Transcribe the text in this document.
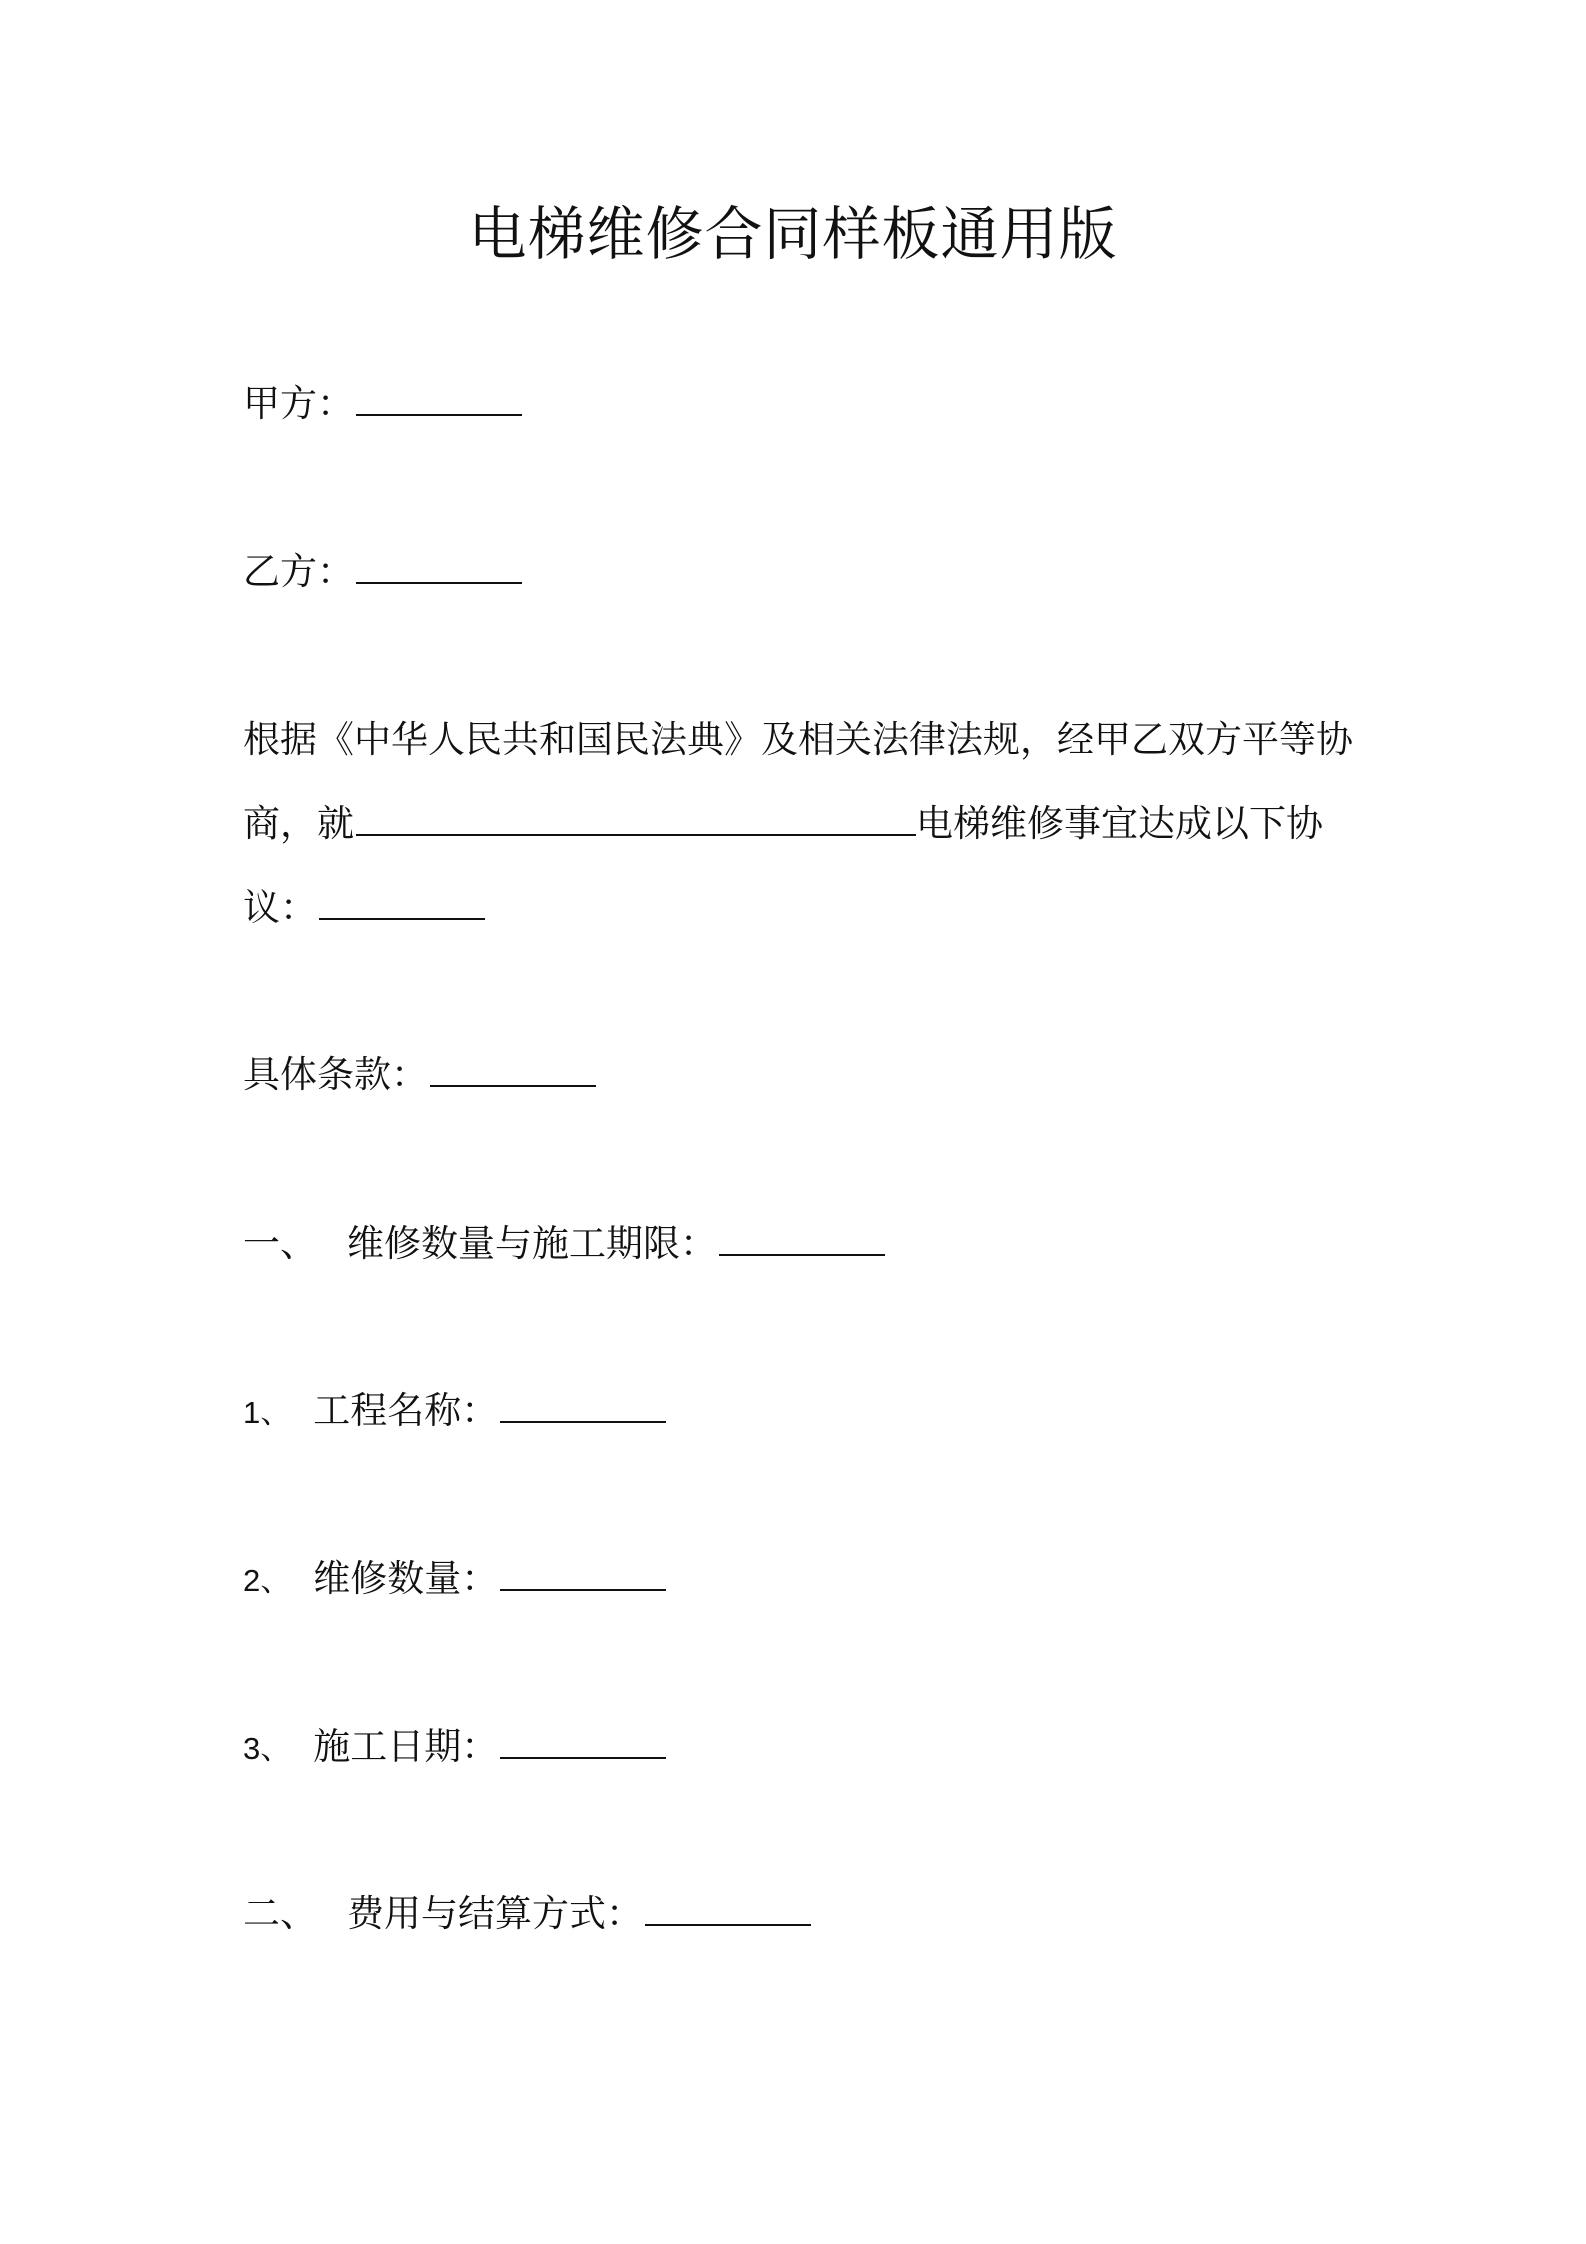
电梯维修合同样板通用版
甲方：
乙方：
根据《中华人民共和国民法典》及相关法律法规，经甲乙双方平等协
商，就	电梯维修事宜达成以下协
议：
具体条款：
一、 维修数量与施工期限：
1、 工程名称：
2、 维修数量：
3、 施工日期：
二、 费用与结算方式：
